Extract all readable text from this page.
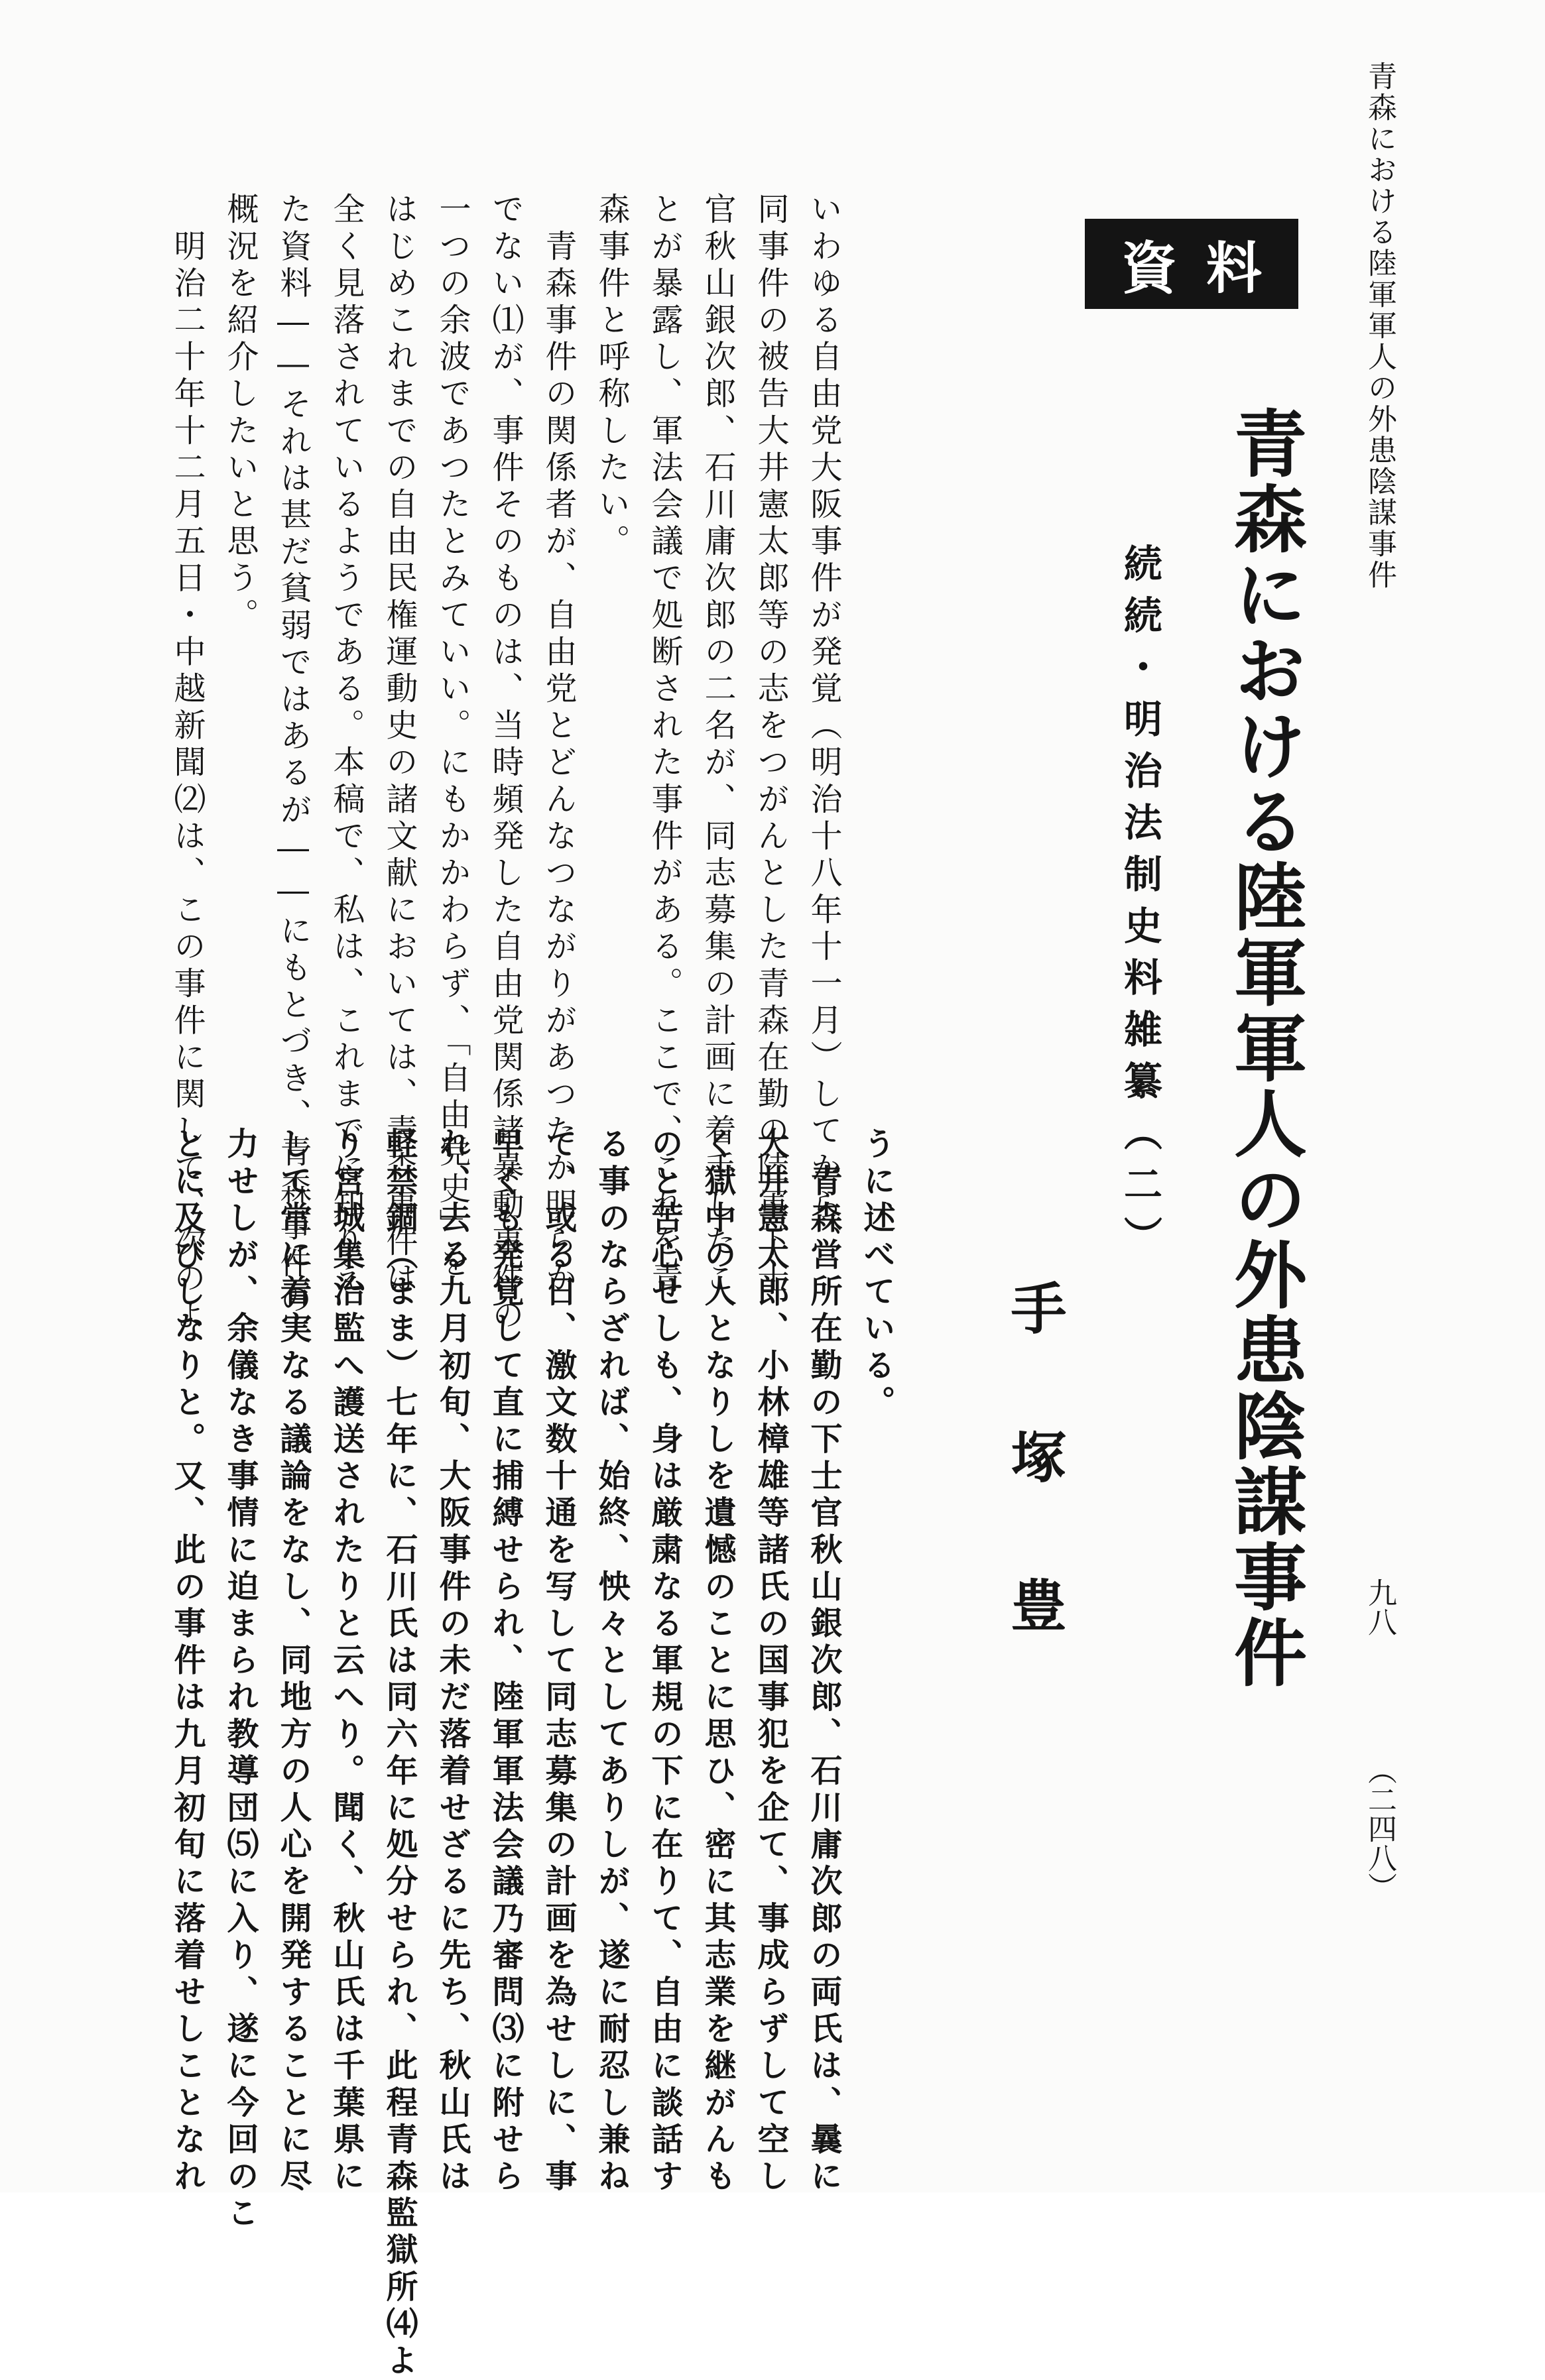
青森における陸軍軍人の外患陰謀事件
九八
（二四八）
資料
青森における陸軍軍人の外患陰謀事件
続続・明治法制史料雑纂（二）
手塚豊
いわゆる自由党大阪事件が発覚（明治十八年十一月）してから、
同事件の被告大井憲太郎等の志をつがんとした青森在勤の陸軍下士
官秋山銀次郎、石川庸次郎の二名が、同志募集の計画に着手したこ
とが暴露し、軍法会議で処断された事件がある。ここで、これを青
森事件と呼称したい。
　青森事件の関係者が、自由党とどんなつながりがあつたか明らか
でない⑴が、事件そのものは、当時頻発した自由党関係諸暴動事件の
一つの余波であつたとみていい。にもかかわらず、「自由党史」を
はじめこれまでの自由民権運動史の諸文献においては、青森事件は
全く見落されているようである。本稿で、私は、これまでに知りえ
た資料――それは甚だ貧弱ではあるが――にもとづき、青森事件の
概況を紹介したいと思う。
　明治二十年十二月五日・中越新聞⑵は、この事件に関して、次のよ	うに述べている。
　青森営所在勤の下士官秋山銀次郎、石川庸次郎の両氏は、曩に
大井憲太郎、小林樟雄等諸氏の国事犯を企て、事成らずして空し
く獄中の人となりしを遺憾のことに思ひ、密に其志業を継がんも
のと苦心せしも、身は厳粛なる軍規の下に在りて、自由に談話す
る事のならざれば、始終、怏々としてありしが、遂に耐忍し兼ね
て、或る日、激文数十通を写して同志募集の計画を為せしに、事
早くも発覚して直に捕縛せられ、陸軍軍法会議乃審問⑶に附せら
れ、去る九月初旬、大阪事件の未だ落着せざるに先ち、秋山氏は
軽禁錮（まま）七年に、石川氏は同六年に処分せられ、此程青森監獄所⑷よ
り宮城集治監へ護送されたりと云へり。聞く、秋山氏は千葉県に
して常に着実なる議論をなし、同地方の人心を開発することに尽
力せしが、余儀なき事情に迫まられ教導団⑸に入り、遂に今回のこ
とに及びしなりと。又、此の事件は九月初旬に落着せしことなれ
